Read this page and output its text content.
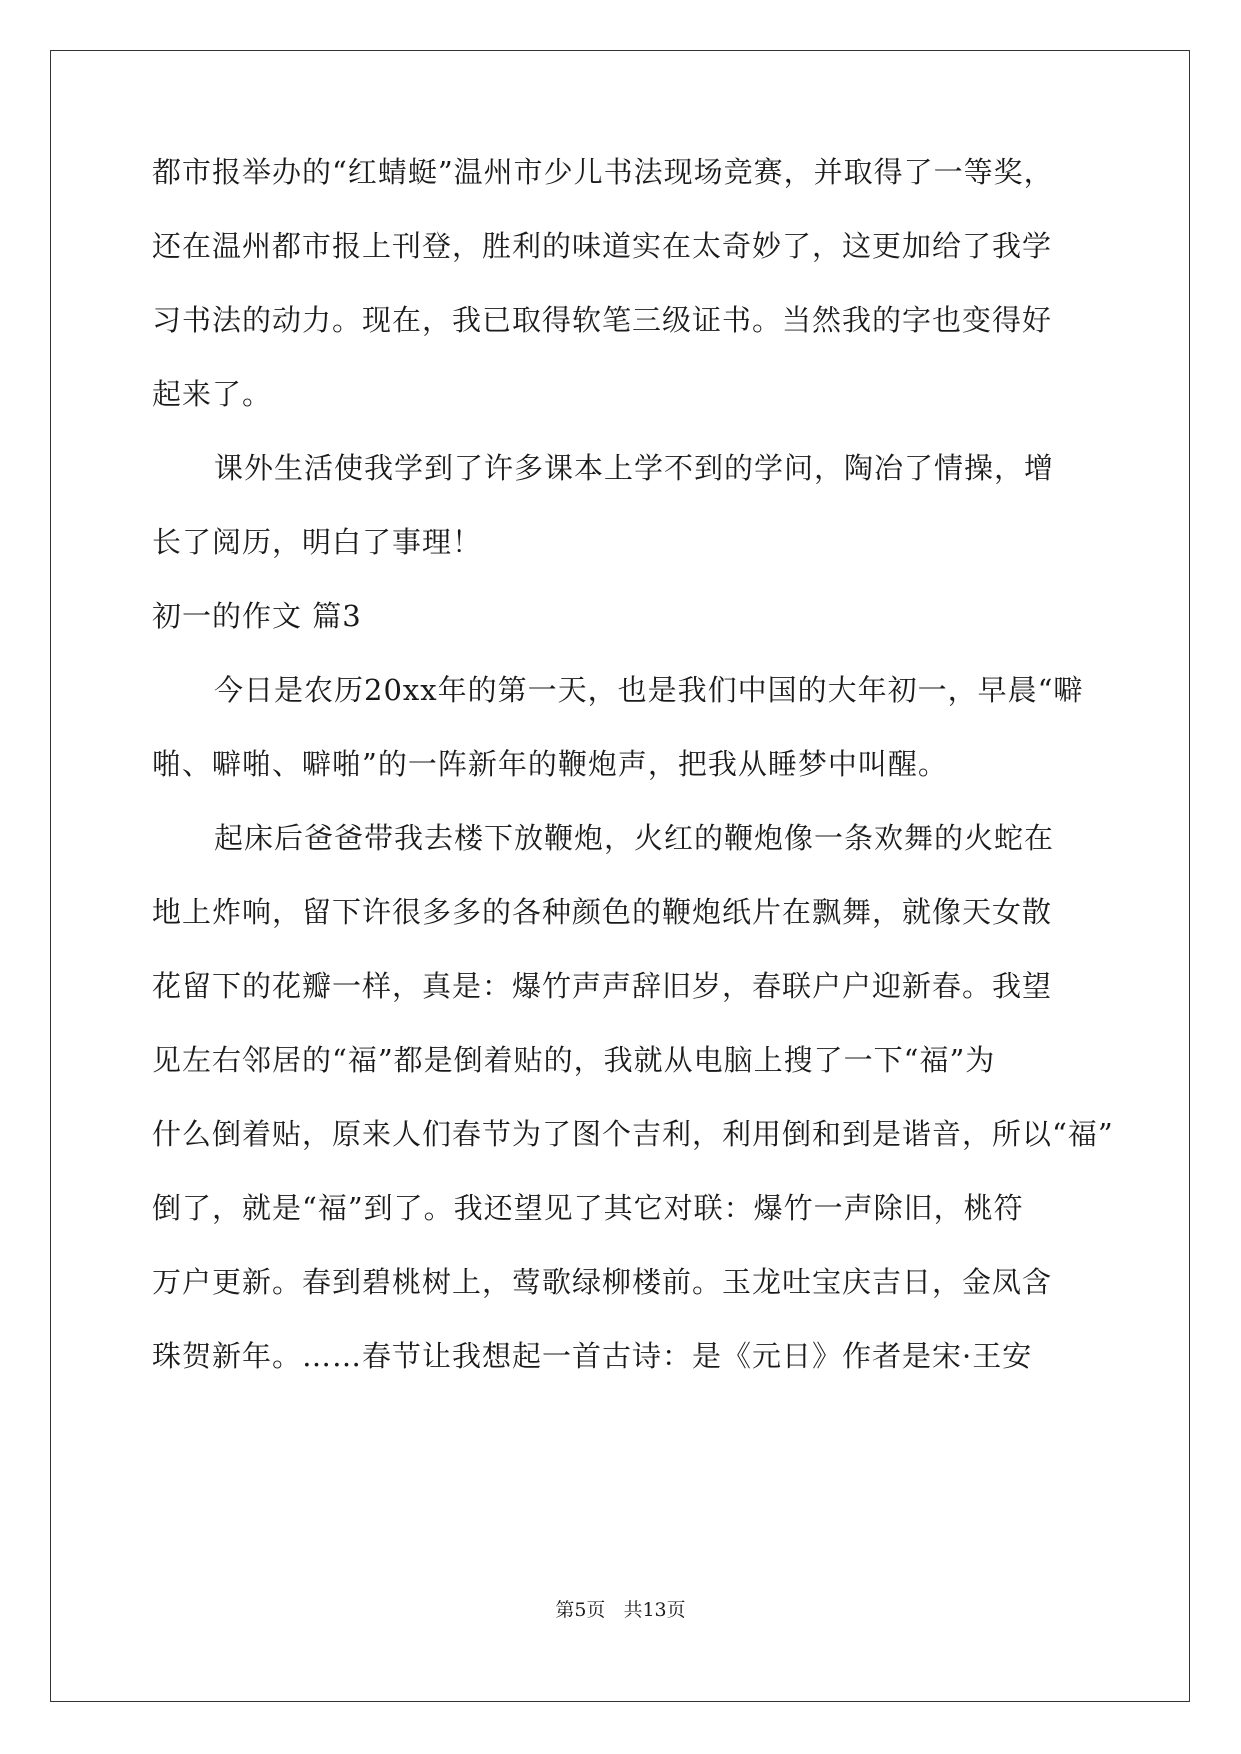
都市报举办的“红蜻蜓”温州市少儿书法现场竞赛，并取得了一等奖，
还在温州都市报上刊登，胜利的味道实在太奇妙了，这更加给了我学
习书法的动力。现在，我已取得软笔三级证书。当然我的字也变得好
起来了。
课外生活使我学到了许多课本上学不到的学问，陶冶了情操，增
长了阅历，明白了事理！
初一的作文 篇3
今日是农历20xx年的第一天，也是我们中国的大年初一，早晨“噼
啪、噼啪、噼啪”的一阵新年的鞭炮声，把我从睡梦中叫醒。
起床后爸爸带我去楼下放鞭炮，火红的鞭炮像一条欢舞的火蛇在
地上炸响，留下许很多多的各种颜色的鞭炮纸片在飘舞，就像天女散
花留下的花瓣一样，真是：爆竹声声辞旧岁，春联户户迎新春。我望
见左右邻居的“福”都是倒着贴的，我就从电脑上搜了一下“福”为
什么倒着贴，原来人们春节为了图个吉利，利用倒和到是谐音，所以“福”
倒了，就是“福”到了。我还望见了其它对联：爆竹一声除旧，桃符
万户更新。春到碧桃树上，莺歌绿柳楼前。玉龙吐宝庆吉日，金凤含
珠贺新年。……春节让我想起一首古诗：是《元日》作者是宋·王安
第5页 共13页
